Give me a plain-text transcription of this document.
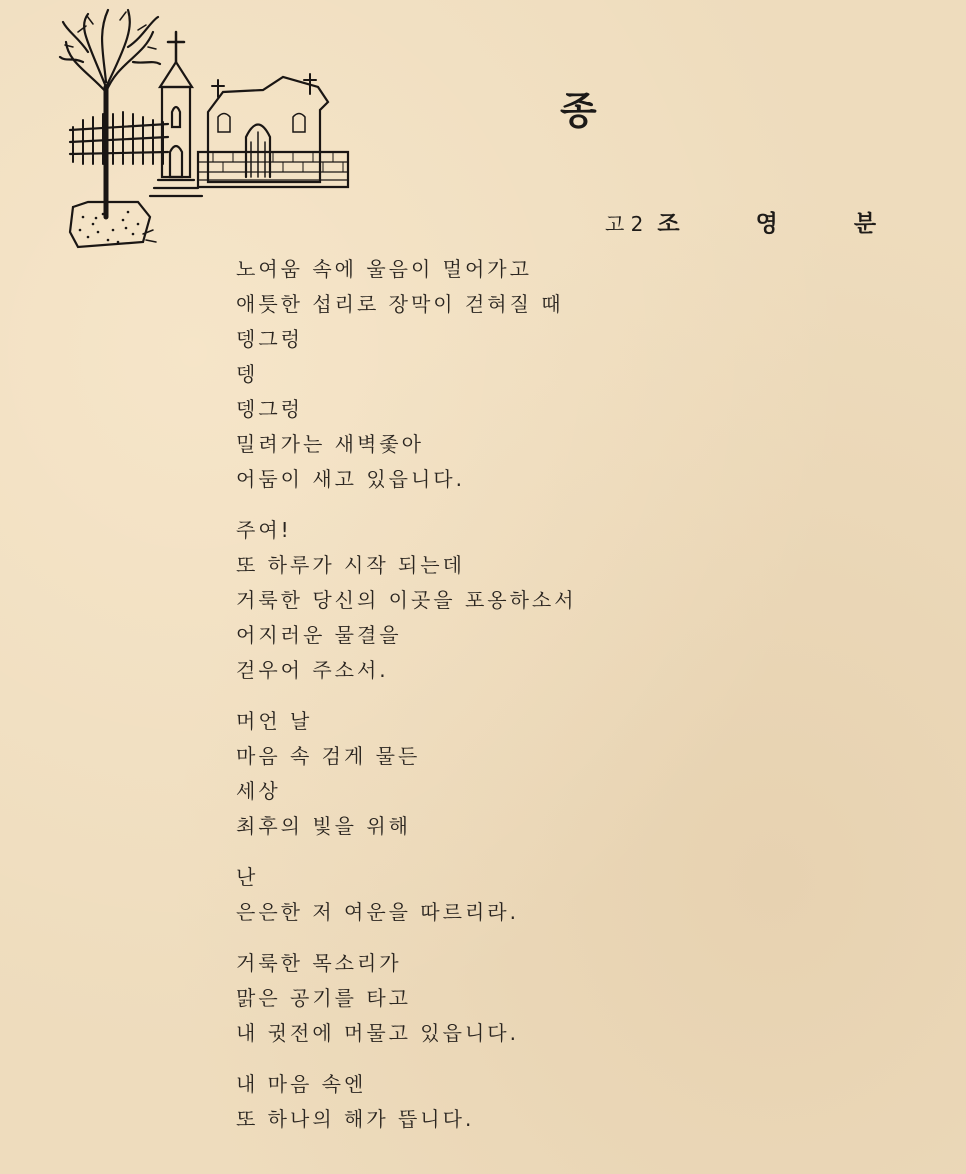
종
고 2 조 영 분
노여움 속에 울음이 멀어가고
애틋한 섭리로 장막이 걷혀질 때
뎅그렁
뎅
뎅그렁
밀려가는 새벽좇아
어둠이 새고 있읍니다.
주여!
또 하루가 시작 되는데
거룩한 당신의 이곳을 포옹하소서
어지러운 물결을
걷우어 주소서.
머언 날
마음 속 검게 물든
세상
최후의 빛을 위해
난
은은한 저 여운을 따르리라.
거룩한 목소리가
맑은 공기를 타고
내 귓전에 머물고 있읍니다.
내 마음 속엔
또 하나의 해가 뜹니다.
